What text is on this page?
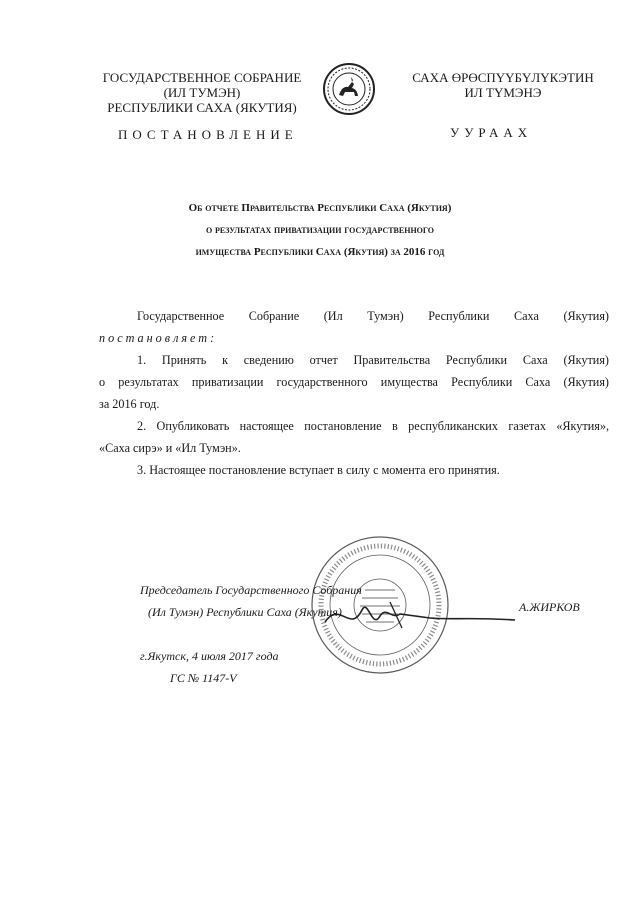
ГОСУДАРСТВЕННОЕ СОБРАНИЕ
(ИЛ ТУМЭН)
РЕСПУБЛИКИ САХА (ЯКУТИЯ)
САХА ӨРӨСПҮҮБҮЛҮКЭТИН
ИЛ ТҮМЭНЭ
ПОСТАНОВЛЕНИЕ	УУРААХ
Об отчете Правительства Республики Саха (Якутия)
о результатах приватизации государственного
имущества Республики Саха (Якутия) за 2016 год

Государственное Собрание (Ил Тумэн) Республики Саха (Якутия)

постановляет:

1. Принять к сведению отчет Правительства Республики Саха (Якутия)

о результатах приватизации государственного имущества Республики Саха (Якутия)

за 2016 год.

2. Опубликовать настоящее постановление в республиканских газетах «Якутия»,

«Саха сирэ» и «Ил Тумэн».

3. Настоящее постановление вступает в силу с момента его принятия.

Председатель Государственного Собрания
(Ил Тумэн) Республики Саха (Якутия)	А.ЖИРКОВ
г.Якутск, 4 июля 2017 года
ГС № 1147-V
